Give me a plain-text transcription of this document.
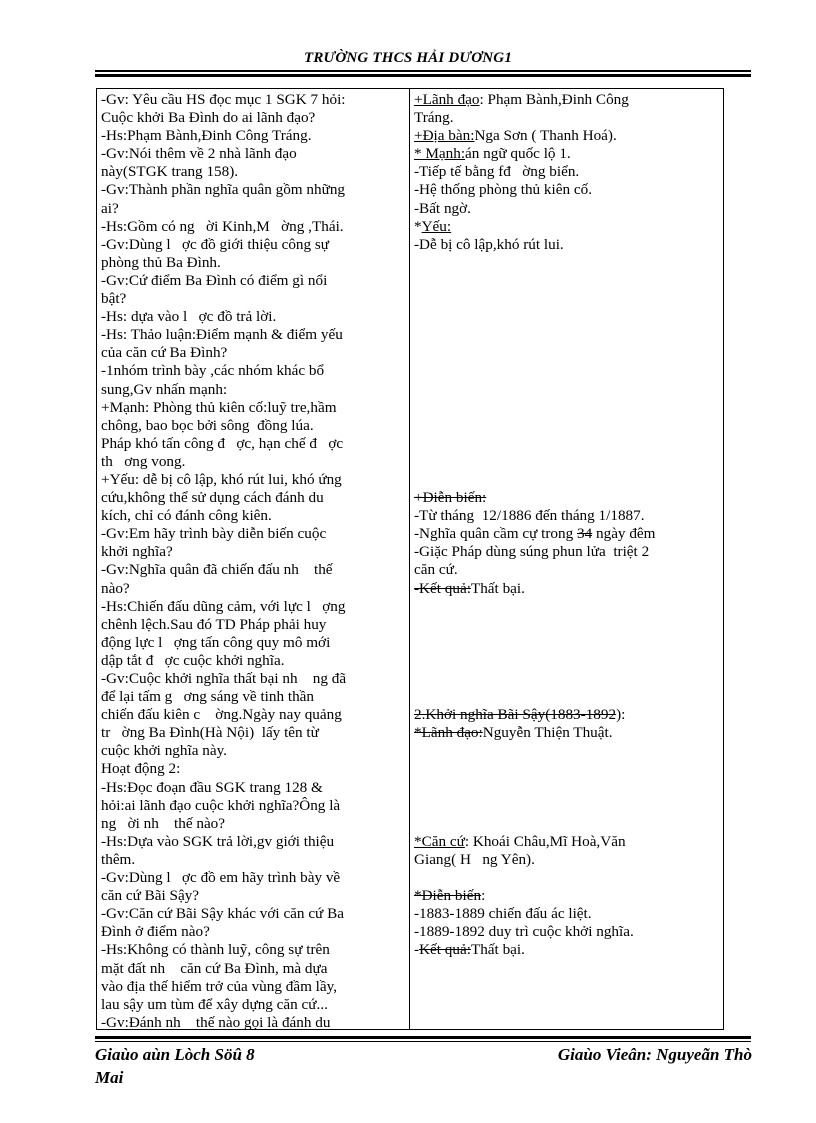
TRƯỜNG THCS HẢI DƯƠNG1
-Gv: Yêu cầu HS đọc mục 1 SGK 7 hỏi:
Cuộc khởi Ba Đình do ai lãnh đạo?
-Hs:Phạm Bành,Đinh Công Tráng.
-Gv:Nói thêm về 2 nhà lãnh đạo
này(STGK trang 158).
-Gv:Thành phần nghĩa quân gồm những
ai?
-Hs:Gồm có ng   ời Kinh,M   ờng ,Thái.
-Gv:Dùng l   ợc đồ giới thiệu công sự
phòng thủ Ba Đình.
-Gv:Cứ điểm Ba Đình có điểm gì nổi
bật?
-Hs: dựa vào l   ợc đồ trả lời.
-Hs: Thảo luận:Điểm mạnh & điểm yếu
của căn cứ Ba Đình?
-1nhóm trình bày ,các nhóm khác bổ
sung,Gv nhấn mạnh:
+Mạnh: Phòng thủ kiên cố:luỹ tre,hầm
chông, bao bọc bởi sông  đồng lúa.
Pháp khó tấn công đ   ợc, hạn chế đ   ợc
th   ơng vong.
+Yếu: dễ bị cô lập, khó rút lui, khó ứng
cứu,không thể sử dụng cách đánh du
kích, chỉ có đánh công kiên.
-Gv:Em hãy trình bày diễn biến cuộc
khởi nghĩa?
-Gv:Nghĩa quân đã chiến đấu nh    thế
nào?
-Hs:Chiến đấu dũng cảm, với lực l   ợng
chênh lệch.Sau đó TD Pháp phải huy
động lực l   ợng tấn công quy mô mới
dập tắt đ   ợc cuộc khởi nghĩa.
-Gv:Cuộc khởi nghĩa thất bại nh    ng đã
để lại tấm g   ơng sáng về tinh thần
chiến đấu kiên c    ờng.Ngày nay quảng
tr   ờng Ba Đình(Hà Nội)  lấy tên từ
cuộc khởi nghĩa này.
Hoạt động 2:
-Hs:Đọc đoạn đầu SGK trang 128 &
hỏi:ai lãnh đạo cuộc khởi nghĩa?Ông là
ng   ời nh    thế nào?
-Hs:Dựa vào SGK trả lời,gv giới thiệu
thêm.
-Gv:Dùng l   ợc đồ em hãy trình bày về
căn cứ Bãi Sậy?
-Gv:Căn cứ Bãi Sậy khác với căn cứ Ba
Đình ở điểm nào?
-Hs:Không có thành luỹ, công sự trên
mặt đất nh    căn cứ Ba Đình, mà dựa
vào địa thế hiểm trở của vùng đầm lầy,
lau sậy um tùm để xây dựng căn cứ...
-Gv:Đánh nh    thế nào gọi là đánh du
+Lãnh đạo: Phạm Bành,Đinh Công
Tráng.
+Địa bàn:Nga Sơn ( Thanh Hoá).
* Mạnh:án ngữ quốc lộ 1.
-Tiếp tế bằng fđ   ờng biển.
-Hệ thống phòng thủ kiên cố.
-Bất ngờ.
*Yếu:
-Dễ bị cô lập,khó rút lui.
+Diễn biến:
-Từ tháng  12/1886 đến tháng 1/1887.
-Nghĩa quân cầm cự trong 34 ngày đêm
-Giặc Pháp dùng súng phun lửa  triệt 2
căn cứ.
-Kết quả:Thất bại.
2.Khởi nghĩa Bãi Sậy(1883-1892):
*Lãnh đạo:Nguyễn Thiện Thuật.
*Căn cứ: Khoái Châu,Mĩ Hoà,Văn
Giang( H   ng Yên).
*Diễn biến:
-1883-1889 chiến đấu ác liệt.
-1889-1892 duy trì cuộc khởi nghĩa.
-Kết quả:Thất bại.
Giaùo aùn Lòch Söû 8
Mai
Giaùo Vieân: Nguyeãn Thò
